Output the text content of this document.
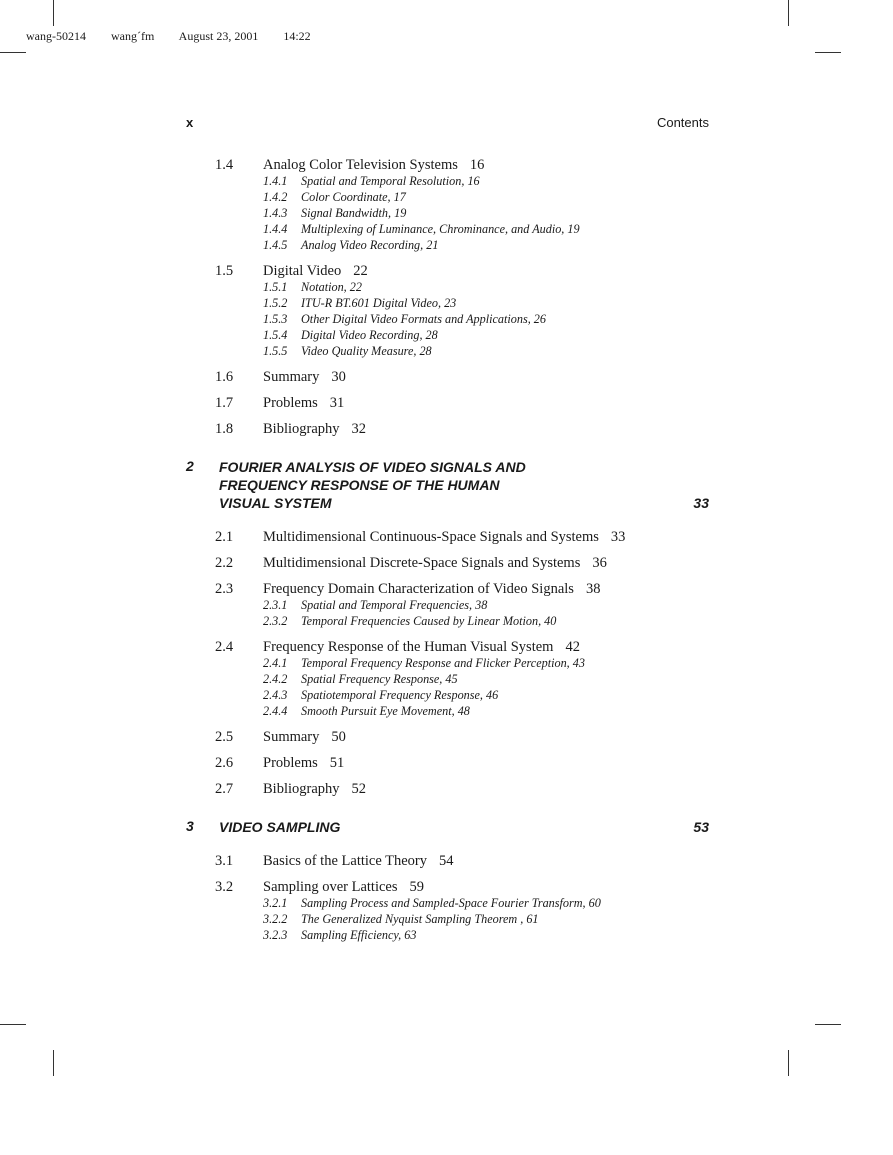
wang-50214 wangˊfm August 23, 2001 14:22
x	Contents
1.4 Analog Color Television Systems 16
1.4.1 Spatial and Temporal Resolution, 16
1.4.2 Color Coordinate, 17
1.4.3 Signal Bandwidth, 19
1.4.4 Multiplexing of Luminance, Chrominance, and Audio, 19
1.4.5 Analog Video Recording, 21
1.5 Digital Video 22
1.5.1 Notation, 22
1.5.2 ITU-R BT.601 Digital Video, 23
1.5.3 Other Digital Video Formats and Applications, 26
1.5.4 Digital Video Recording, 28
1.5.5 Video Quality Measure, 28
1.6 Summary 30
1.7 Problems 31
1.8 Bibliography 32
2 FOURIER ANALYSIS OF VIDEO SIGNALS AND
FREQUENCY RESPONSE OF THE HUMAN
VISUAL SYSTEM	33
2.1 Multidimensional Continuous-Space Signals and Systems 33
2.2 Multidimensional Discrete-Space Signals and Systems 36
2.3 Frequency Domain Characterization of Video Signals 38
2.3.1 Spatial and Temporal Frequencies, 38
2.3.2 Temporal Frequencies Caused by Linear Motion, 40
2.4 Frequency Response of the Human Visual System 42
2.4.1 Temporal Frequency Response and Flicker Perception, 43
2.4.2 Spatial Frequency Response, 45
2.4.3 Spatiotemporal Frequency Response, 46
2.4.4 Smooth Pursuit Eye Movement, 48
2.5 Summary 50
2.6 Problems 51
2.7 Bibliography 52
3 VIDEO SAMPLING	53
3.1 Basics of the Lattice Theory 54
3.2 Sampling over Lattices 59
3.2.1 Sampling Process and Sampled-Space Fourier Transform, 60
3.2.2 The Generalized Nyquist Sampling Theorem , 61
3.2.3 Sampling Efficiency, 63
